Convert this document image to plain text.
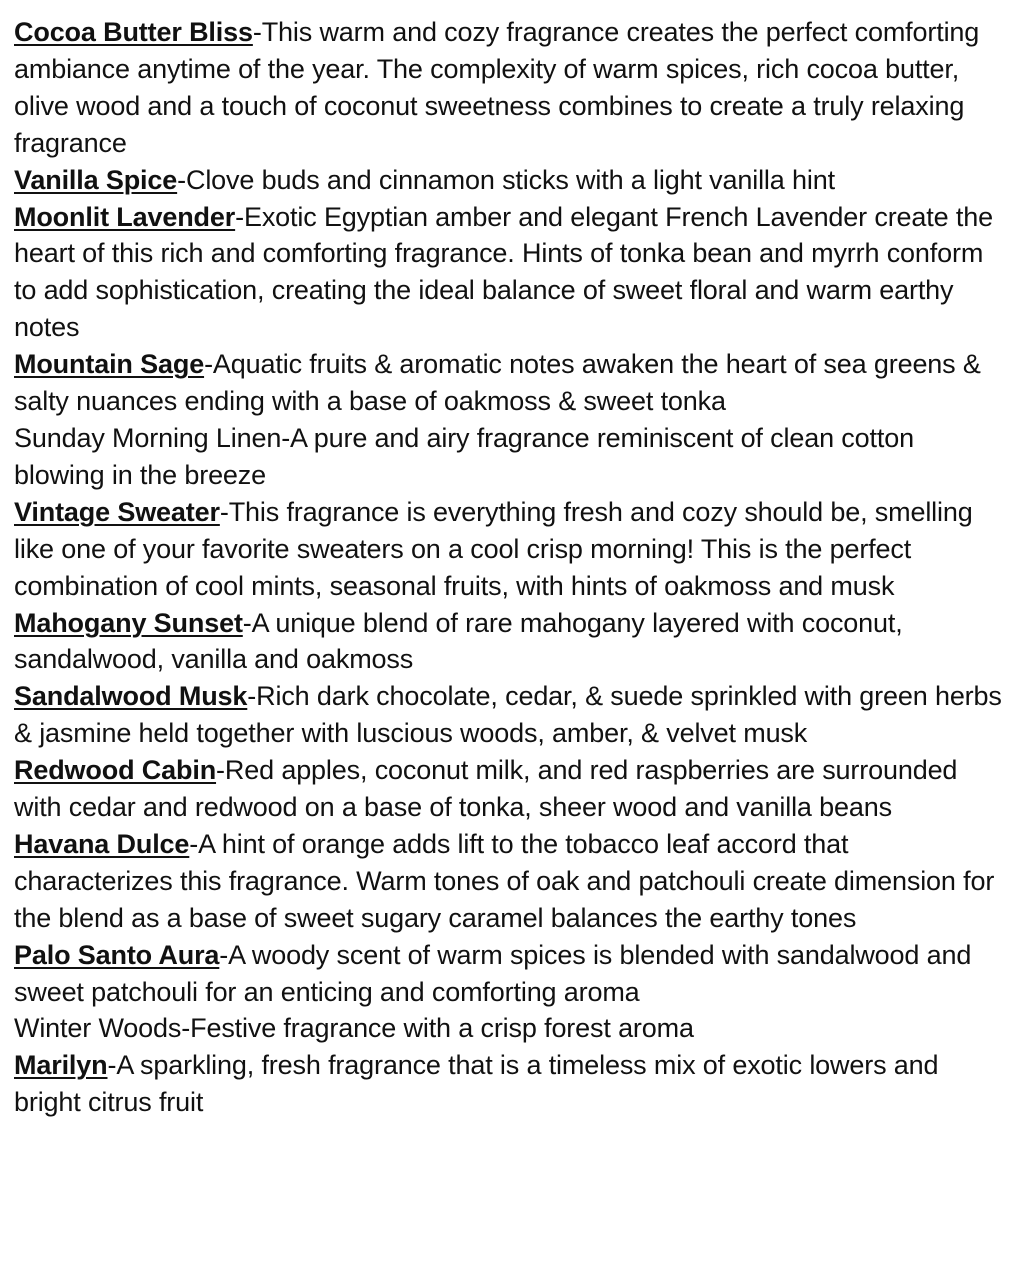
Cocoa Butter Bliss-This warm and cozy fragrance creates the perfect comforting ambiance anytime of the year. The complexity of warm spices, rich cocoa butter, olive wood and a touch of coconut sweetness combines to create a truly relaxing fragrance

Vanilla Spice-Clove buds and cinnamon sticks with a light vanilla hint

Moonlit Lavender-Exotic Egyptian amber and elegant French Lavender create the heart of this rich and comforting fragrance. Hints of tonka bean and myrrh conform to add sophistication, creating the ideal balance of sweet floral and warm earthy notes

Mountain Sage-Aquatic fruits & aromatic notes awaken the heart of sea greens & salty nuances ending with a base of oakmoss & sweet tonka

Sunday Morning Linen-A pure and airy fragrance reminiscent of clean cotton blowing in the breeze

Vintage Sweater-This fragrance is everything fresh and cozy should be, smelling like one of your favorite sweaters on a cool crisp morning! This is the perfect combination of cool mints, seasonal fruits, with hints of oakmoss and musk

Mahogany Sunset-A unique blend of rare mahogany layered with coconut, sandalwood, vanilla and oakmoss

Sandalwood Musk-Rich dark chocolate, cedar, & suede sprinkled with green herbs & jasmine held together with luscious woods, amber, & velvet musk

Redwood Cabin-Red apples, coconut milk, and red raspberries are surrounded with cedar and redwood on a base of tonka, sheer wood and vanilla beans

Havana Dulce-A hint of orange adds lift to the tobacco leaf accord that characterizes this fragrance. Warm tones of oak and patchouli create dimension for the blend as a base of sweet sugary caramel balances the earthy tones

Palo Santo Aura-A woody scent of warm spices is blended with sandalwood and sweet patchouli for an enticing and comforting aroma

Winter Woods-Festive fragrance with a crisp forest aroma

Marilyn-A sparkling, fresh fragrance that is a timeless mix of exotic lowers and bright citrus fruit
